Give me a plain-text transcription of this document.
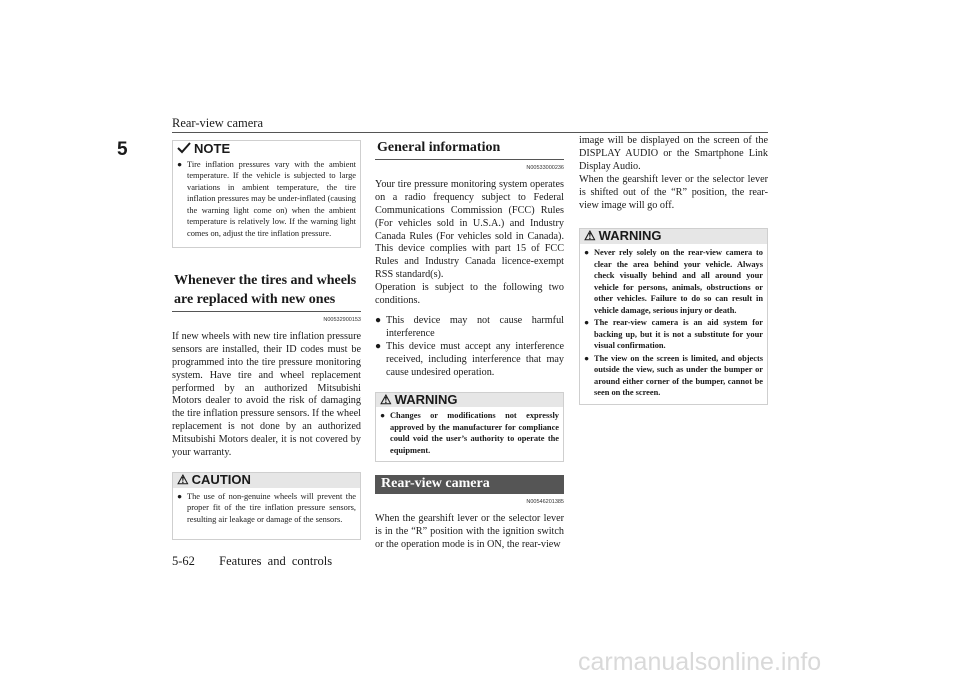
Rear-view camera
5	NOTE
● Tire inflation pressures vary with the ambient temperature. If the vehicle is subjected to large variations in ambient temperature, the tire inflation pressures may be under-inflated (causing the warning light come on) when the ambient temperature is relatively low. If the warning light comes on, adjust the tire inflation pressure.
Whenever the tires and wheels are replaced with new ones
N00532900153
If new wheels with new tire inflation pressure sensors are installed, their ID codes must be programmed into the tire pressure monitoring system. Have tire and wheel replacement performed by an authorized Mitsubishi Motors dealer to avoid the risk of damaging the tire inflation pressure sensors. If the wheel replacement is not done by an authorized Mitsubishi Motors dealer, it is not covered by your warranty.
⚠ CAUTION
● The use of non-genuine wheels will prevent the proper fit of the tire inflation pressure sensors, resulting air leakage or damage of the sensors.
General information
N00533000236
Your tire pressure monitoring system operates on a radio frequency subject to Federal Communications Commission (FCC) Rules (For vehicles sold in U.S.A.) and Industry Canada Rules (For vehicles sold in Canada). This device complies with part 15 of FCC Rules and Industry Canada licence-exempt RSS standard(s).
Operation is subject to the following two conditions.
● This device may not cause harmful interference
● This device must accept any interference received, including interference that may cause undesired operation.
⚠ WARNING
● Changes or modifications not expressly approved by the manufacturer for compliance could void the user’s authority to operate the equipment.
Rear-view camera
N00546201385
When the gearshift lever or the selector lever is in the “R” position with the ignition switch or the operation mode is in ON, the rear-view
image will be displayed on the screen of the DISPLAY AUDIO or the Smartphone Link Display Audio.
When the gearshift lever or the selector lever is shifted out of the “R” position, the rear-view image will go off.
⚠ WARNING
● Never rely solely on the rear-view camera to clear the area behind your vehicle. Always check visually behind and all around your vehicle for persons, animals, obstructions or other vehicles. Failure to do so can result in vehicle damage, serious injury or death.
● The rear-view camera is an aid system for backing up, but it is not a substitute for your visual confirmation.
● The view on the screen is limited, and objects outside the view, such as under the bumper or around either corner of the bumper, cannot be seen on the screen.
5-62 Features and controls
carmanualsonline.info
